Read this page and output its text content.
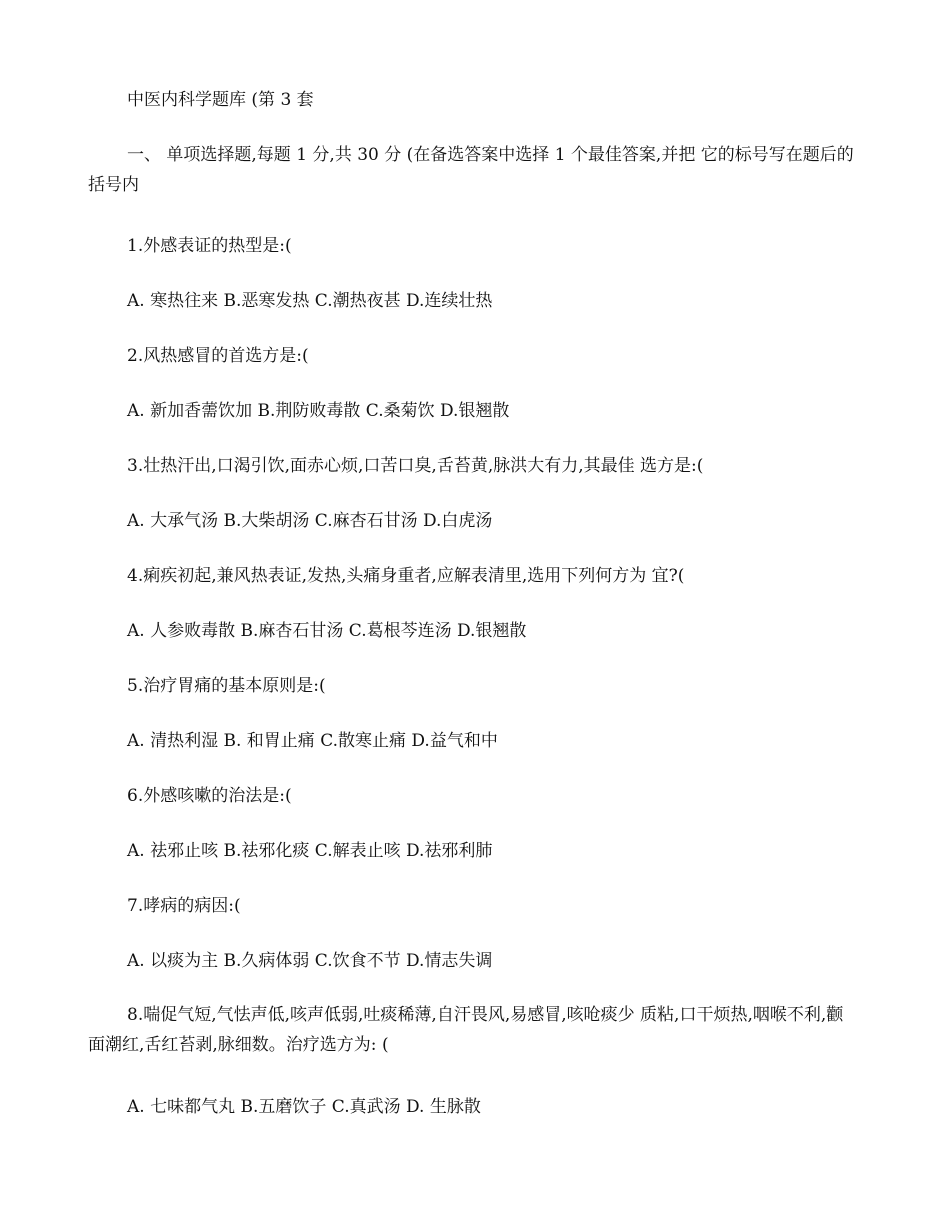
中医内科学题库 (第 3 套
一、 单项选择题,每题 1 分,共 30 分 (在备选答案中选择 1 个最佳答案,并把 它的标号写在题后的括号内
1.外感表证的热型是:(
A. 寒热往来 B.恶寒发热 C.潮热夜甚 D.连续壮热
2.风热感冒的首选方是:(
A. 新加香薷饮加 B.荆防败毒散 C.桑菊饮 D.银翘散
3.壮热汗出,口渴引饮,面赤心烦,口苦口臭,舌苔黄,脉洪大有力,其最佳 选方是:(
A. 大承气汤 B.大柴胡汤 C.麻杏石甘汤 D.白虎汤
4.痢疾初起,兼风热表证,发热,头痛身重者,应解表清里,选用下列何方为 宜?(
A. 人参败毒散 B.麻杏石甘汤 C.葛根芩连汤 D.银翘散
5.治疗胃痛的基本原则是:(
A. 清热利湿 B. 和胃止痛 C.散寒止痛 D.益气和中
6.外感咳嗽的治法是:(
A. 祛邪止咳 B.祛邪化痰 C.解表止咳 D.祛邪利肺
7.哮病的病因:(
A. 以痰为主 B.久病体弱 C.饮食不节 D.情志失调
8.喘促气短,气怯声低,咳声低弱,吐痰稀薄,自汗畏风,易感冒,咳呛痰少 质粘,口干烦热,咽喉不利,颧面潮红,舌红苔剥,脉细数。治疗选方为: (
A. 七味都气丸 B.五磨饮子 C.真武汤 D. 生脉散
